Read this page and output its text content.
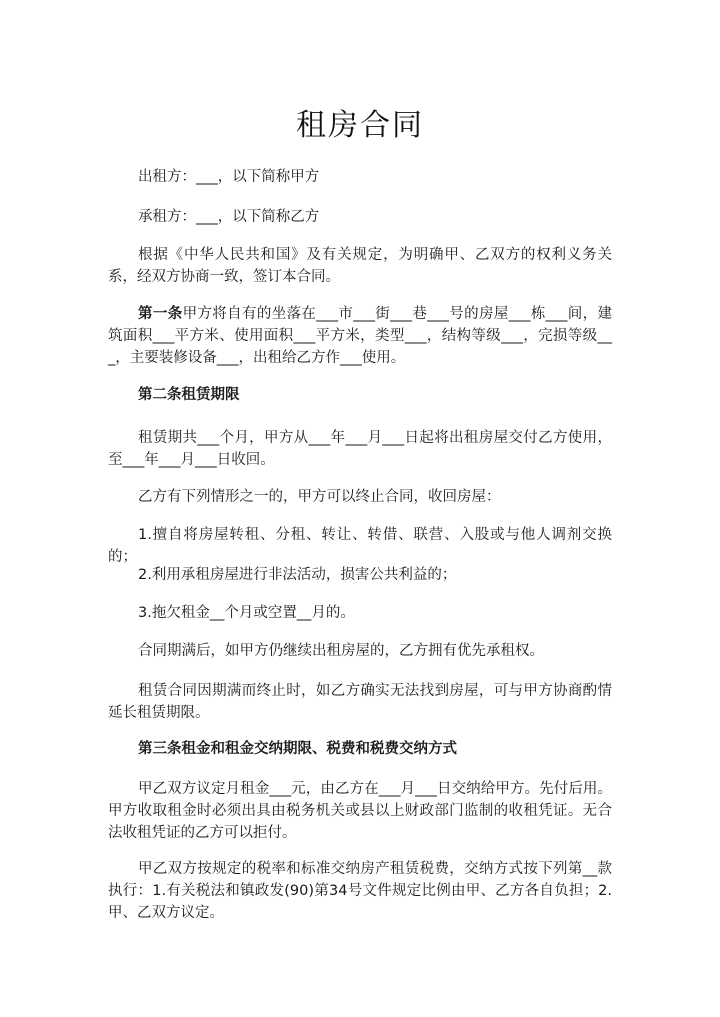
租房合同

出租方：___，以下简称甲方

承租方：___，以下简称乙方

根据《中华人民共和国》及有关规定，为明确甲、乙双方的权利义务关系，经双方协商一致，签订本合同。

第一条甲方将自有的坐落在___市___街___巷___号的房屋___栋___间，建筑面积___平方米、使用面积___平方米，类型___，结构等级___，完损等级___，主要装修设备___，出租给乙方作___使用。

第二条租赁期限

租赁期共___个月，甲方从___年___月___日起将出租房屋交付乙方使用，至___年___月___日收回。

乙方有下列情形之一的，甲方可以终止合同，收回房屋：

1.擅自将房屋转租、分租、转让、转借、联营、入股或与他人调剂交换的；

2.利用承租房屋进行非法活动，损害公共利益的；

3.拖欠租金__个月或空置__月的。

合同期满后，如甲方仍继续出租房屋的，乙方拥有优先承租权。

租赁合同因期满而终止时，如乙方确实无法找到房屋，可与甲方协商酌情延长租赁期限。

第三条租金和租金交纳期限、税费和税费交纳方式

甲乙双方议定月租金___元，由乙方在___月___日交纳给甲方。先付后用。甲方收取租金时必须出具由税务机关或县以上财政部门监制的收租凭证。无合法收租凭证的乙方可以拒付。

甲乙双方按规定的税率和标准交纳房产租赁税费，交纳方式按下列第__款执行：1.有关税法和镇政发(90)第34号文件规定比例由甲、乙方各自负担；2.甲、乙双方议定。
